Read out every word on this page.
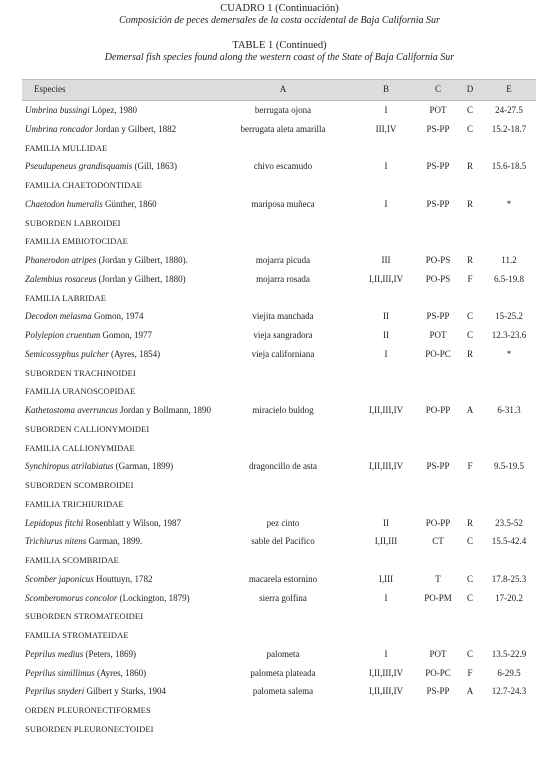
CUADRO 1 (Continuación)
Composición de peces demersales de la costa occidental de Baja California Sur
TABLE 1 (Continued)
Demersal fish species found along the western coast of the State of Baja California Sur
Especies	A	B	C	D	E
Umbrina bussingi López, 1980	berrugata ojona	I	POT	C	24-27.5
Umbrina roncador Jordan y Gilbert, 1882	berrugata aleta amarilla	III,IV	PS-PP	C	15.2-18.7
FAMILIA MULLIDAE
Pseudupeneus grandisquamis (Gill, 1863)	chivo escamudo	I	PS-PP	R	15.6-18.5
FAMILIA CHAETODONTIDAE
Chaetodon humeralis Günther, 1860	mariposa muñeca	I	PS-PP	R	*
SUBORDEN LABROIDEI
FAMILIA EMBIOTOCIDAE
Phanerodon atripes (Jordan y Gilbert, 1880).	mojarra picuda	III	PO-PS	R	11.2
Zalembius rosaceus (Jordan y Gilbert, 1880)	mojarra rosada	I,II,III,IV	PO-PS	F	6.5-19.8
FAMILIA LABRIDAE
Decodon melasma Gomon, 1974	viejita manchada	II	PS-PP	C	15-25.2
Polylepion cruentum Gomon, 1977	vieja sangradora	II	POT	C	12.3-23.6
Semicossyphus pulcher (Ayres, 1854)	vieja californiana	I	PO-PC	R	*
SUBORDEN TRACHINOIDEI
FAMILIA URANOSCOPIDAE
Kathetostoma averruncus Jordan y Bollmann, 1890	miracielo buldog	I,II,III,IV	PO-PP	A	6-31.3
SUBORDEN CALLIONYMOIDEI
FAMILIA CALLIONYMIDAE
Synchiropus atrilabiatus (Garman, 1899)	dragoncillo de asta	I,II,III,IV	PS-PP	F	9.5-19.5
SUBORDEN SCOMBROIDEI
FAMILIA TRICHIURIDAE
Lepidopus fitchi Rosenblatt y Wilson, 1987	pez cinto	II	PO-PP	R	23.5-52
Trichiurus nitens Garman, 1899.	sable del Pacífico	I,II,III	CT	C	15.5-42.4
FAMILIA SCOMBRIDAE
Scomber japonicus Houttuyn, 1782	macarela estornino	I,III	T	C	17.8-25.3
Scomberomorus concolor (Lockington, 1879)	sierra golfina	I	PO-PM	C	17-20.2
SUBORDEN STROMATEOIDEI
FAMILIA STROMATEIDAE
Peprilus medius (Peters, 1869)	palometa	I	POT	C	13.5-22.9
Peprilus simillimus (Ayres, 1860)	palometa plateada	I,II,III,IV	PO-PC	F	6-29.5
Peprilus snyderi Gilbert y Starks, 1904	palometa salema	I,II,III,IV	PS-PP	A	12.7-24.3
ORDEN PLEURONECTIFORMES
SUBORDEN PLEURONECTOIDEI
